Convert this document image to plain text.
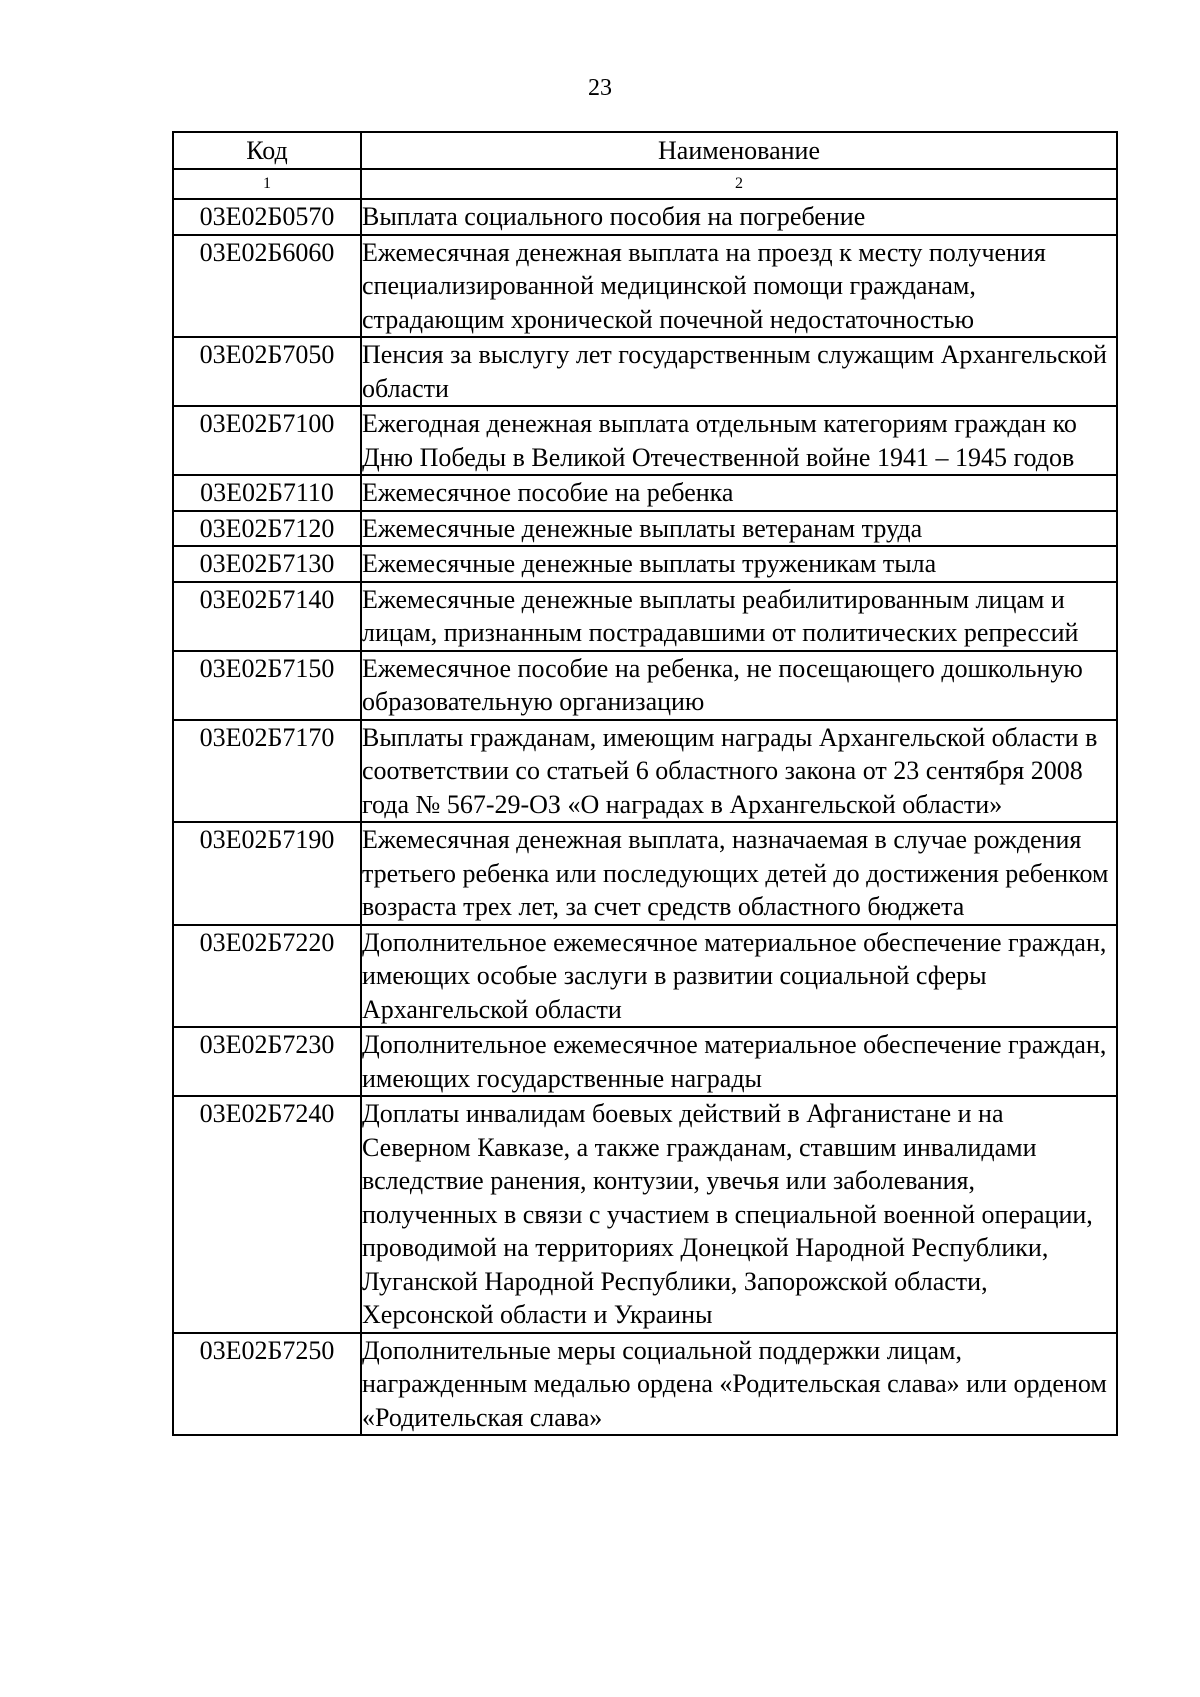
23
Код	Наименование
1	2
03Е02Б0570	Выплата социального пособия на погребение
03Е02Б6060	Ежемесячная денежная выплата на проезд к месту получения специализированной медицинской помощи гражданам, страдающим хронической почечной недостаточностью
03Е02Б7050	Пенсия за выслугу лет государственным служащим Архангельской области
03Е02Б7100	Ежегодная денежная выплата отдельным категориям граждан ко Дню Победы в Великой Отечественной войне 1941 – 1945 годов
03Е02Б7110	Ежемесячное пособие на ребенка
03Е02Б7120	Ежемесячные денежные выплаты ветеранам труда
03Е02Б7130	Ежемесячные денежные выплаты труженикам тыла
03Е02Б7140	Ежемесячные денежные выплаты реабилитированным лицам и лицам, признанным пострадавшими от политических репрессий
03Е02Б7150	Ежемесячное пособие на ребенка, не посещающего дошкольную образовательную организацию
03Е02Б7170	Выплаты гражданам, имеющим награды Архангельской области в соответствии со статьей 6 областного закона от 23 сентября 2008 года № 567-29-ОЗ «О наградах в Архангельской области»
03Е02Б7190	Ежемесячная денежная выплата, назначаемая в случае рождения третьего ребенка или последующих детей до достижения ребенком возраста трех лет, за счет средств областного бюджета
03Е02Б7220	Дополнительное ежемесячное материальное обеспечение граждан, имеющих особые заслуги в развитии социальной сферы Архангельской области
03Е02Б7230	Дополнительное ежемесячное материальное обеспечение граждан, имеющих государственные награды
03Е02Б7240	Доплаты инвалидам боевых действий в Афганистане и на Северном Кавказе, а также гражданам, ставшим инвалидами вследствие ранения, контузии, увечья или заболевания, полученных в связи с участием в специальной военной операции, проводимой на территориях Донецкой Народной Республики, Луганской Народной Республики, Запорожской области, Херсонской области и Украины
03Е02Б7250	Дополнительные меры социальной поддержки лицам, награжденным медалью ордена «Родительская слава» или орденом «Родительская слава»
